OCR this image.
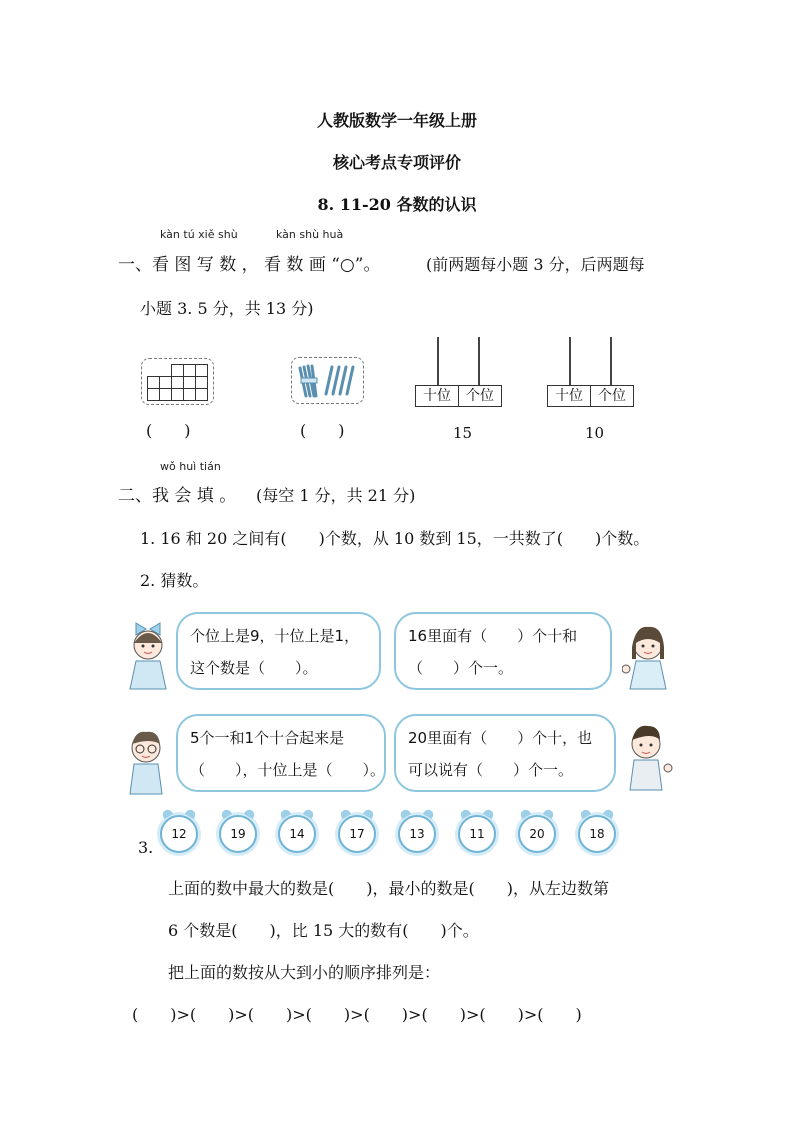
人教版数学一年级上册
核心考点专项评价
8. 11-20 各数的认识
kàn tú xiě shù	kàn shù huà
一、看 图 写 数 ， 看 数 画 “○”。	(前两题每小题 3 分，后两题每
小题 3. 5 分，共 13 分)
(　　)	(　　)
十位	个位
15
十位	个位
10
wǒ huì tián
二、我 会 填 。 (每空 1 分，共 21 分)
1. 16 和 20 之间有(　　)个数，从 10 数到 15，一共数了(　　)个数。
2. 猜数。
个位上是9，十位上是1，
这个数是（　　）。
16里面有（　　）个十和
（　　）个一。
5个一和1个十合起来是
（　　），十位上是（　　）。
20里面有（　　）个十，也
可以说有（　　）个一。
3.
12	19	14	17	13	11	20	18
上面的数中最大的数是(　　)，最小的数是(　　)，从左边数第
6 个数是(　　)，比 15 大的数有(　　)个。
把上面的数按从大到小的顺序排列是：
(　　)>(　　)>(　　)>(　　)>(　　)>(　　)>(　　)>(　　)
